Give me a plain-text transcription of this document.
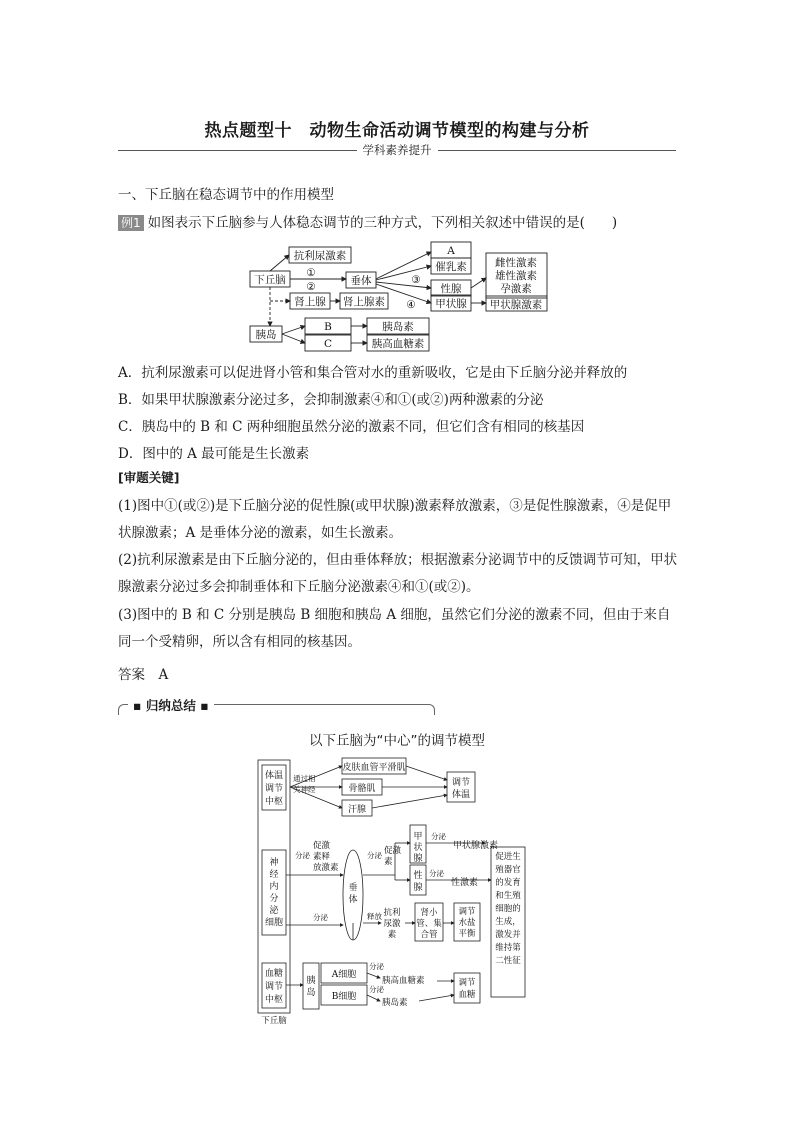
热点题型十　动物生命活动调节模型的构建与分析
学科素养提升
一、下丘脑在稳态调节中的作用模型
例1 如图表示下丘脑参与人体稳态调节的三种方式，下列相关叙述中错误的是(　　)
下丘脑
抗利尿激素
①
②	垂体
肾上腺 肾上腺素
A
催乳素
③
性腺
④ 甲状腺
雌性激素
雄性激素
孕激素
甲状腺激素
胰岛
B
C
胰岛素
胰高血糖素
A．抗利尿激素可以促进肾小管和集合管对水的重新吸收，它是由下丘脑分泌并释放的
B．如果甲状腺激素分泌过多，会抑制激素④和①(或②)两种激素的分泌
C．胰岛中的 B 和 C 两种细胞虽然分泌的激素不同，但它们含有相同的核基因
D．图中的 A 最可能是生长激素
[审题关键]
(1)图中①(或②)是下丘脑分泌的促性腺(或甲状腺)激素释放激素，③是促性腺激素，④是促甲状腺激素；A 是垂体分泌的激素，如生长激素。
(2)抗利尿激素是由下丘脑分泌的，但由垂体释放；根据激素分泌调节中的反馈调节可知，甲状腺激素分泌过多会抑制垂体和下丘脑分泌激素④和①(或②)。
(3)图中的 B 和 C 分别是胰岛 B 细胞和胰岛 A 细胞，虽然它们分泌的激素不同，但由于来自同一个受精卵，所以含有相同的核基因。
答案　A
▪ 归纳总结 ▪
以下丘脑为“中心”的调节模型
体温
调节
中枢
通过相
关神经
皮肤血管平滑肌
骨骼肌
汗腺
调节
体温
神
经
内
分
泌
细胞
分泌
促激
素释
放激素
垂
体
分泌 促激
素
甲
状
腺
分泌
甲状腺激素
性
腺
分泌
性激素
分泌	释放 抗利
尿激
素
肾小
管、集
合管
调节
水盐
平衡
促进生
殖器官
的发育
和生殖
细胞的
生成，
激发并
维持第
二性征
血糖
调节
中枢
胰
岛
A细胞
B细胞
分泌
分泌
胰高血糖素
胰岛素
调节
血糖
下丘脑
